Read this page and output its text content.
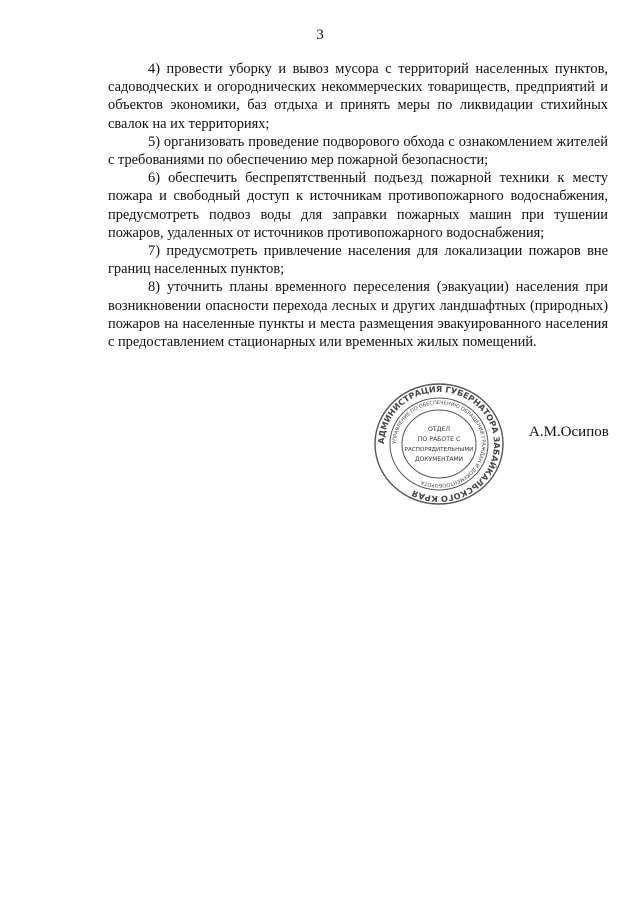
3

4) провести уборку и вывоз мусора с территорий населенных пунктов, садоводческих и огороднических некоммерческих товариществ, предприятий и объектов экономики, баз отдыха и принять меры по ликвидации стихийных свалок на их территориях;

5) организовать проведение подворового обхода с ознакомлением жителей с требованиями по обеспечению мер пожарной безопасности;

6) обеспечить беспрепятственный подъезд пожарной техники к месту пожара и свободный доступ к источникам противопожарного водоснабжения, предусмотреть подвоз воды для заправки пожарных машин при тушении пожаров, удаленных от источников противопожарного водоснабжения;

7) предусмотреть привлечение населения для локализации пожаров вне границ населенных пунктов;

8) уточнить планы временного переселения (эвакуации) населения при возникновении опасности перехода лесных и других ландшафтных (природных) пожаров на населенные пункты и места размещения эвакуированного населения с предоставлением стационарных или временных жилых помещений.

АДМИНИСТРАЦИЯ ГУБЕРНАТОРА ЗАБАЙКАЛЬСКОГО КРАЯ
УПРАВЛЕНИЕ ПО ОБЕСПЕЧЕНИЮ ОБРАЩЕНИЙ ГРАЖДАН И ДОКУМЕНТООБОРОТА
ОТДЕЛ
ПО РАБОТЕ С
РАСПОРЯДИТЕЛЬНЫМИ
ДОКУМЕНТАМИ
А.М.Осипов
